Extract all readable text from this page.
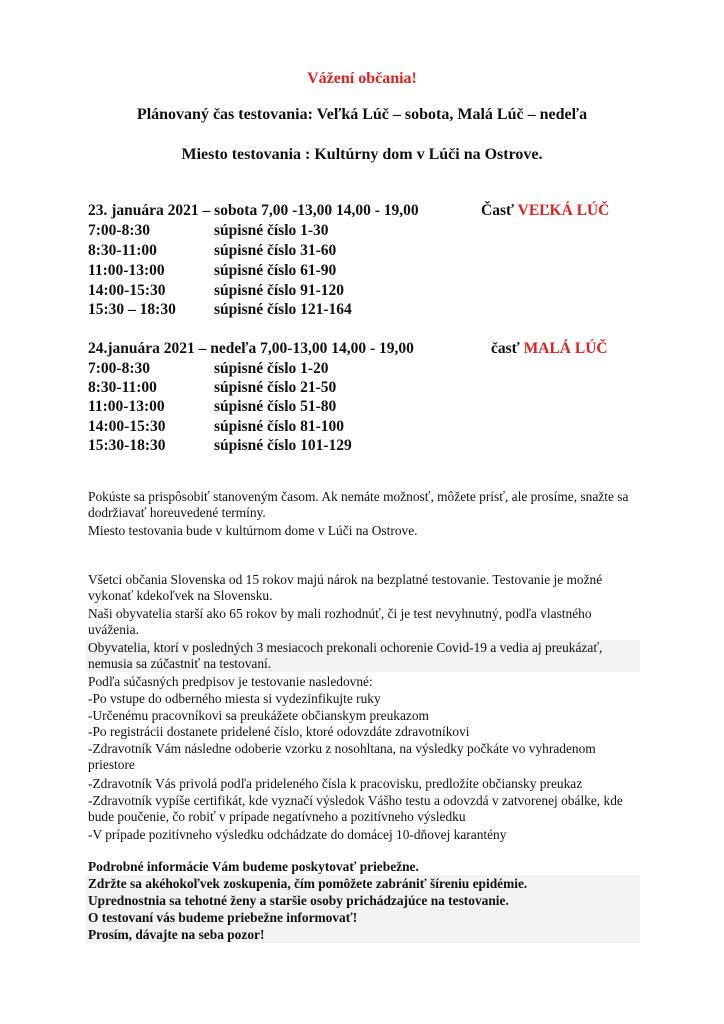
Vážení občania!
Plánovaný čas testovania: Veľká Lúč – sobota, Malá Lúč – nedeľa
Miesto testovania : Kultúrny dom v Lúči na Ostrove.
23. januára 2021 – sobota 7,00 -13,00 14,00 - 19,00	Časť VEĽKÁ LÚČ
7:00-8:30	súpisné číslo 1-30
8:30-11:00	súpisné číslo 31-60
11:00-13:00	súpisné číslo 61-90
14:00-15:30	súpisné číslo 91-120
15:30 – 18:30 súpisné číslo 121-164
24.januára 2021 – nedeľa 7,00-13,00 14,00 - 19,00	časť MALÁ LÚČ
7:00-8:30	súpisné číslo 1-20
8:30-11:00	súpisné číslo 21-50
11:00-13:00	súpisné číslo 51-80
14:00-15:30	súpisné číslo 81-100
15:30-18:30	súpisné číslo 101-129
Pokúste sa prispôsobiť stanoveným časom. Ak nemáte možnosť, môžete prísť, ale prosíme, snažte sa dodržiavať horeuvedené termíny.
Miesto testovania bude v kultúrnom dome v Lúči na Ostrove.
Všetci občania Slovenska od 15 rokov majú nárok na bezplatné testovanie. Testovanie je možné vykonať kdekoľvek na Slovensku.
Naši obyvatelia starší ako 65 rokov by mali rozhodnúť, či je test nevyhnutný, podľa vlastného uváženia.
Obyvatelia, ktorí v posledných 3 mesiacoch prekonali ochorenie Covid-19 a vedia aj preukázať, nemusia sa zúčastniť na testovaní.
Podľa súčasných predpisov je testovanie nasledovné:
-Po vstupe do odberného miesta si vydezinfikujte ruky
-Určenému pracovníkovi sa preukážete občianskym preukazom
-Po registrácii dostanete pridelené číslo, ktoré odovzdáte zdravotníkovi
-Zdravotník Vám následne odoberie vzorku z nosohltana, na výsledky počkáte vo vyhradenom priestore
-Zdravotník Vás privolá podľa prideleného čísla k pracovisku, predložíte občiansky preukaz
-Zdravotník vypíše certifikát, kde vyznačí výsledok Vášho testu a odovzdá v zatvorenej obálke, kde bude poučenie, čo robiť v prípade negatívneho a pozitívneho výsledku
-V prípade pozitívneho výsledku odchádzate do domácej 10-dňovej karantény
Podrobné informácie Vám budeme poskytovať priebežne.
Zdržte sa akéhokoľvek zoskupenia, čím pomôžete zabrániť šíreniu epidémie.
Uprednostnia sa tehotné ženy a staršie osoby prichádzajúce na testovanie.
O testovaní vás budeme priebežne informovať!
Prosím, dávajte na seba pozor!
